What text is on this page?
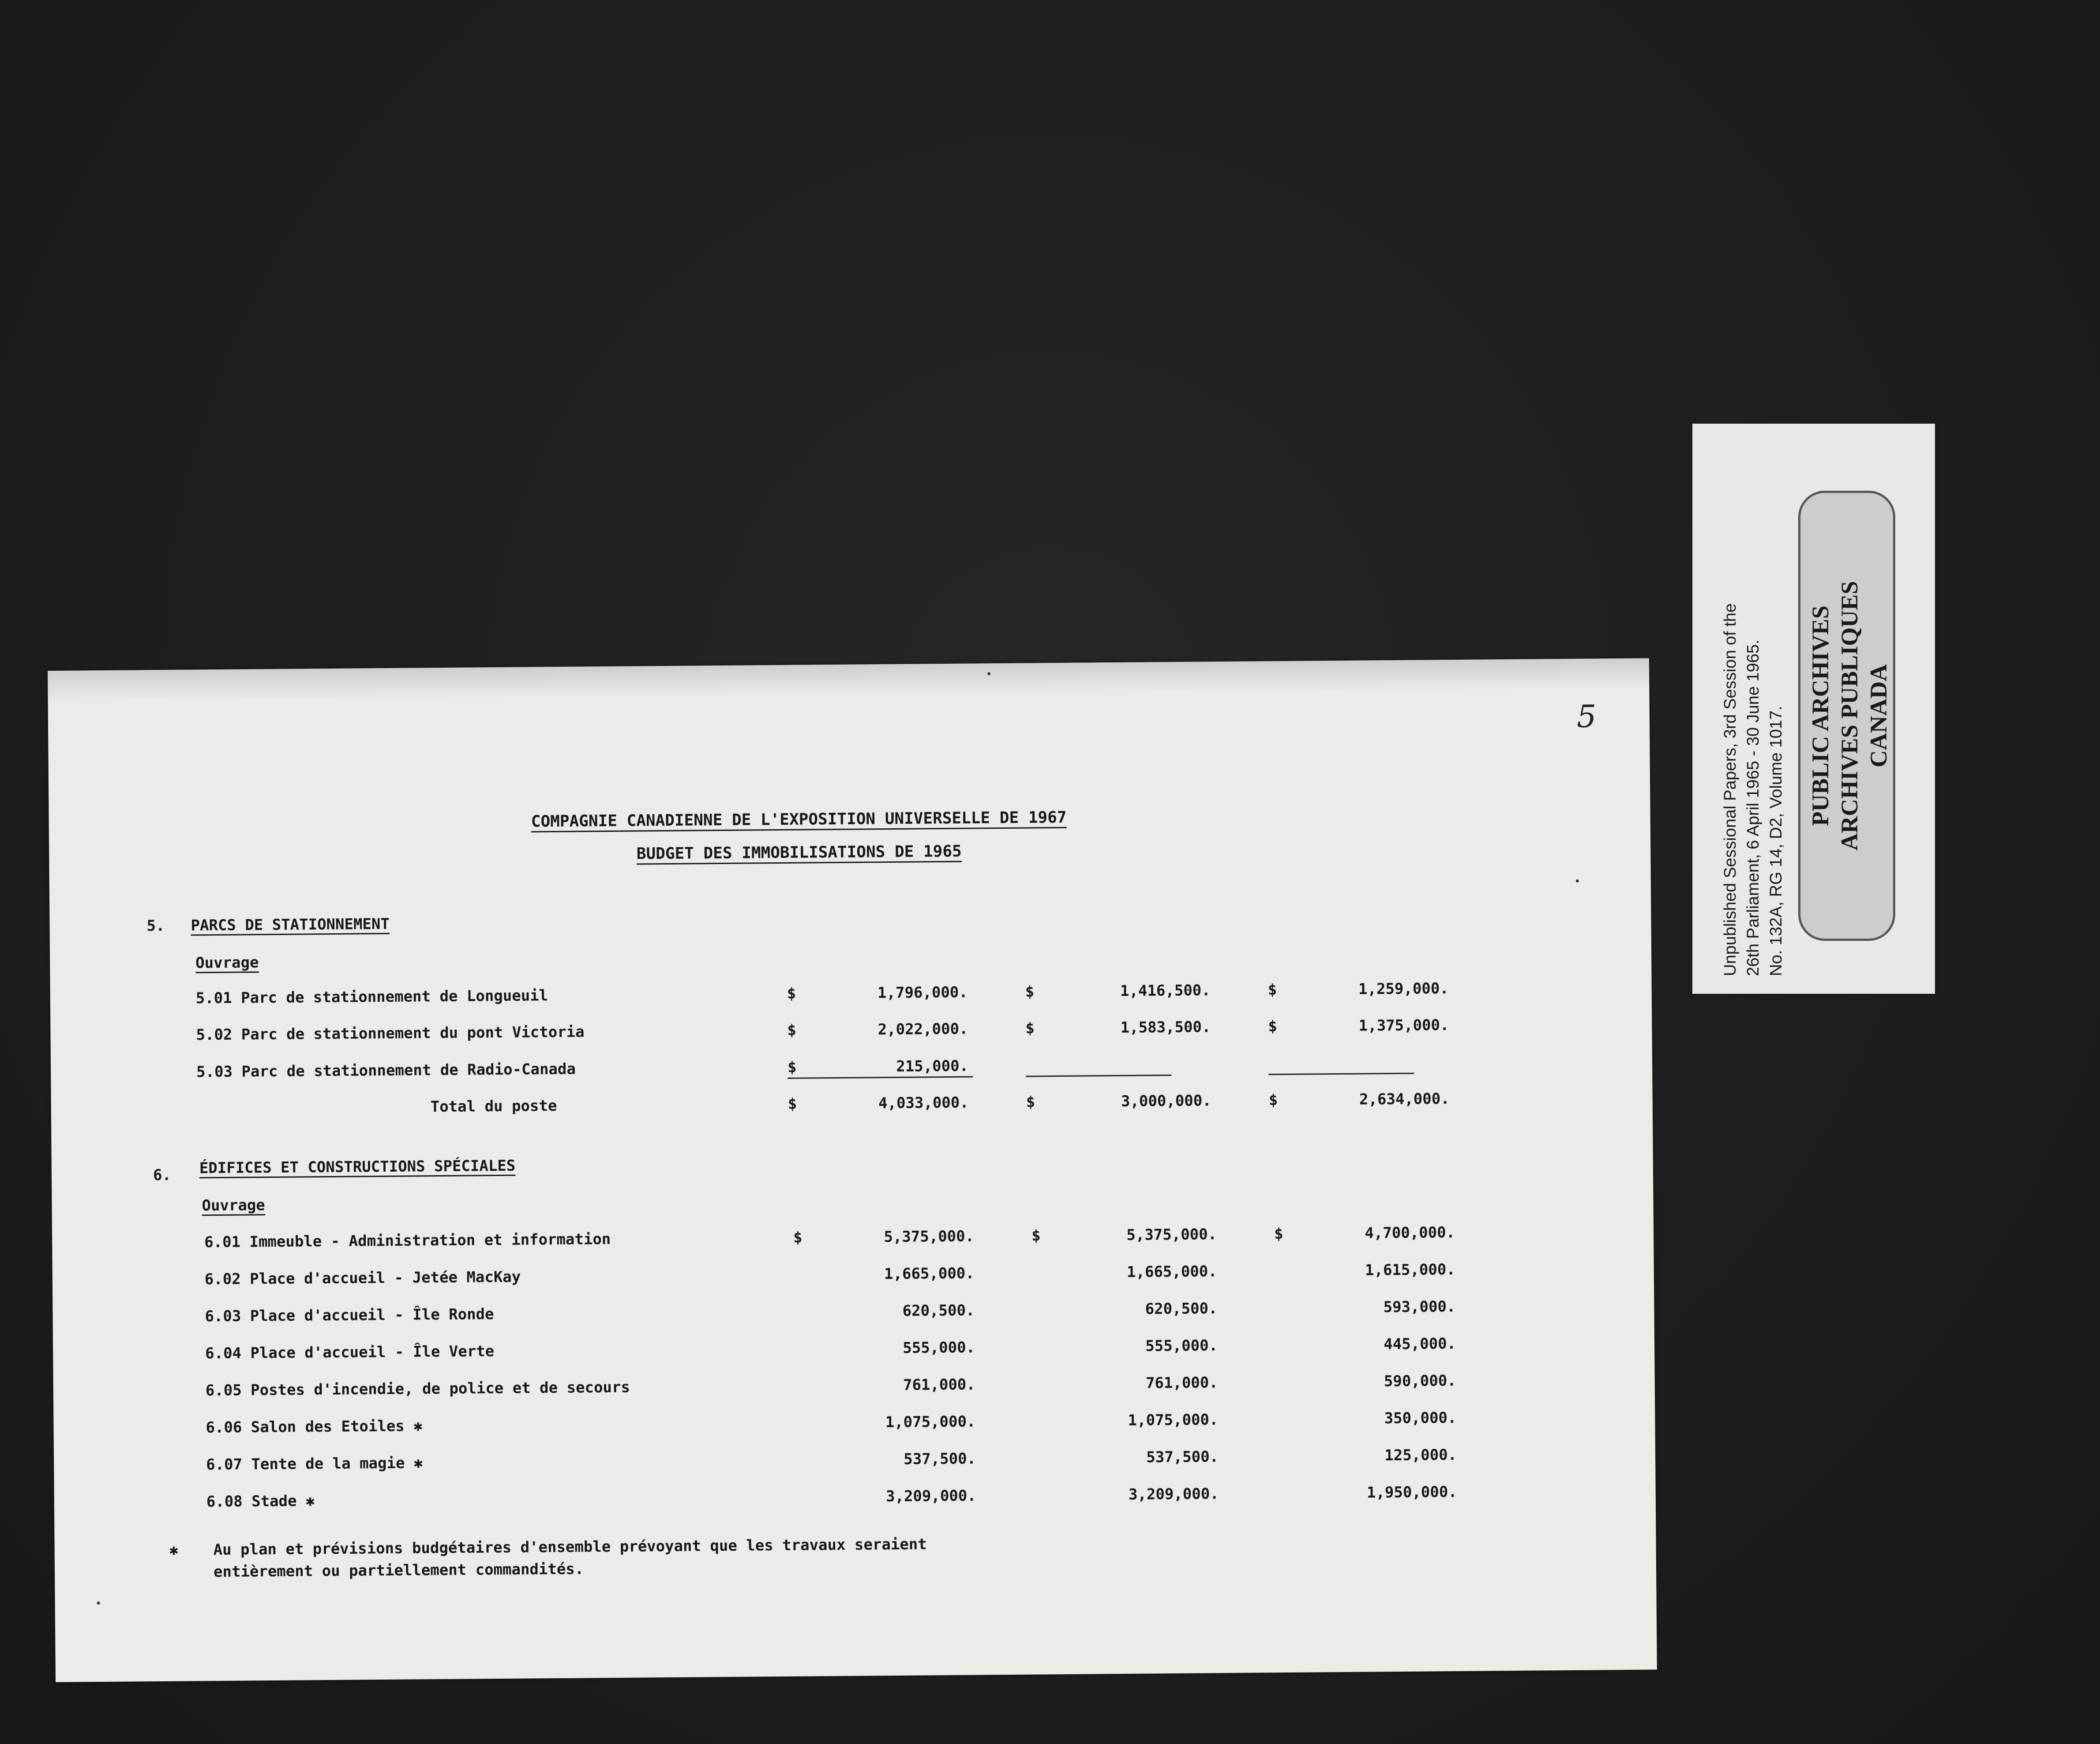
5
COMPAGNIE CANADIENNE DE L'EXPOSITION UNIVERSELLE DE 1967
BUDGET DES IMMOBILISATIONS DE 1965
5. PARCS DE STATIONNEMENT
Ouvrage
5.01 Parc de stationnement de Longueuil	$	1,796,000.	$	1,416,500.	$	1,259,000.
5.02 Parc de stationnement du pont Victoria	$	2,022,000.	$	1,583,500.	$	1,375,000.
5.03 Parc de stationnement de Radio-Canada	$	215,000.
Total du poste	$	4,033,000.	$	3,000,000.	$	2,634,000.
6. ÉDIFICES ET CONSTRUCTIONS SPÉCIALES
Ouvrage
6.01 Immeuble - Administration et information	$	5,375,000.	$	5,375,000.	$	4,700,000.
6.02 Place d'accueil - Jetée MacKay	1,665,000.	1,665,000.	1,615,000.
6.03 Place d'accueil - Île Ronde	620,500.	620,500.	593,000.
6.04 Place d'accueil - Île Verte	555,000.	555,000.	445,000.
6.05 Postes d'incendie, de police et de secours	761,000.	761,000.	590,000.
6.06 Salon des Etoiles ✱	1,075,000.	1,075,000.	350,000.
6.07 Tente de la magie ✱	537,500.	537,500.	125,000.
6.08 Stade ✱	3,209,000.	3,209,000.	1,950,000.
✱ Au plan et prévisions budgétaires d'ensemble prévoyant que les travaux seraient
entièrement ou partiellement commandités.
Unpublished Sessional Papers, 3rd Session of the 26th Parliament, 6 April 1965 - 30 June 1965. No. 132A, RG 14, D2, Volume 1017. PUBLIC ARCHIVES ARCHIVES PUBLIQUES CANADA
